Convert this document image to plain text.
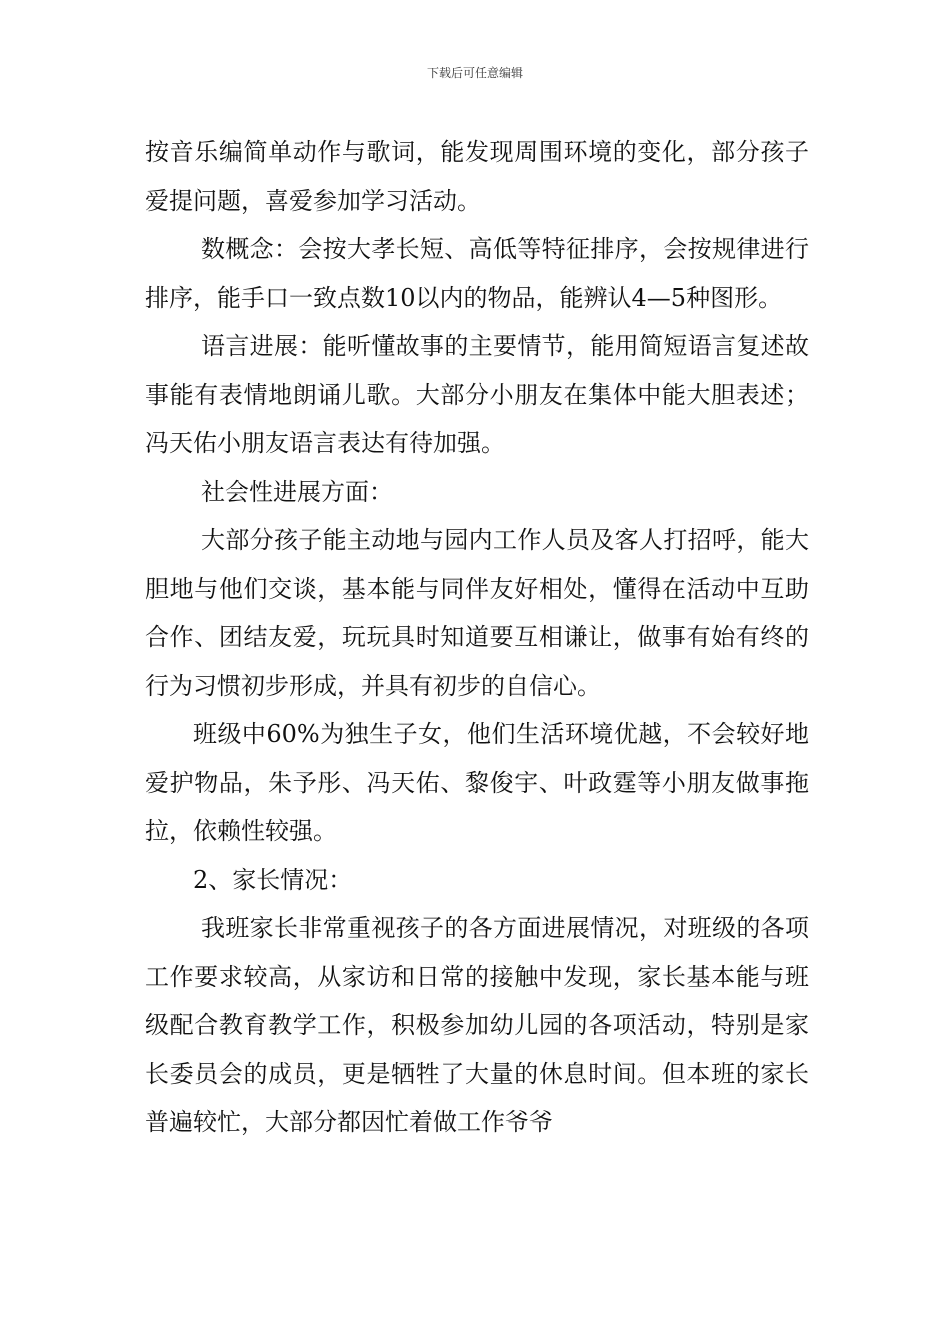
下载后可任意编辑

按音乐编简单动作与歌词，能发现周围环境的变化，部分孩子爱提问题，喜爱参加学习活动。

数概念：会按大孝长短、高低等特征排序，会按规律进行排序，能手口一致点数10以内的物品，能辨认4—5种图形。

语言进展：能听懂故事的主要情节，能用简短语言复述故事能有表情地朗诵儿歌。大部分小朋友在集体中能大胆表述；冯天佑小朋友语言表达有待加强。

社会性进展方面：

大部分孩子能主动地与园内工作人员及客人打招呼，能大胆地与他们交谈，基本能与同伴友好相处，懂得在活动中互助合作、团结友爱，玩玩具时知道要互相谦让，做事有始有终的行为习惯初步形成，并具有初步的自信心。

班级中60%为独生子女，他们生活环境优越，不会较好地爱护物品，朱予彤、冯天佑、黎俊宇、叶政霆等小朋友做事拖拉，依赖性较强。

2、家长情况：

我班家长非常重视孩子的各方面进展情况，对班级的各项工作要求较高，从家访和日常的接触中发现，家长基本能与班级配合教育教学工作，积极参加幼儿园的各项活动，特别是家长委员会的成员，更是牺牲了大量的休息时间。但本班的家长普遍较忙，大部分都因忙着做工作爷爷
